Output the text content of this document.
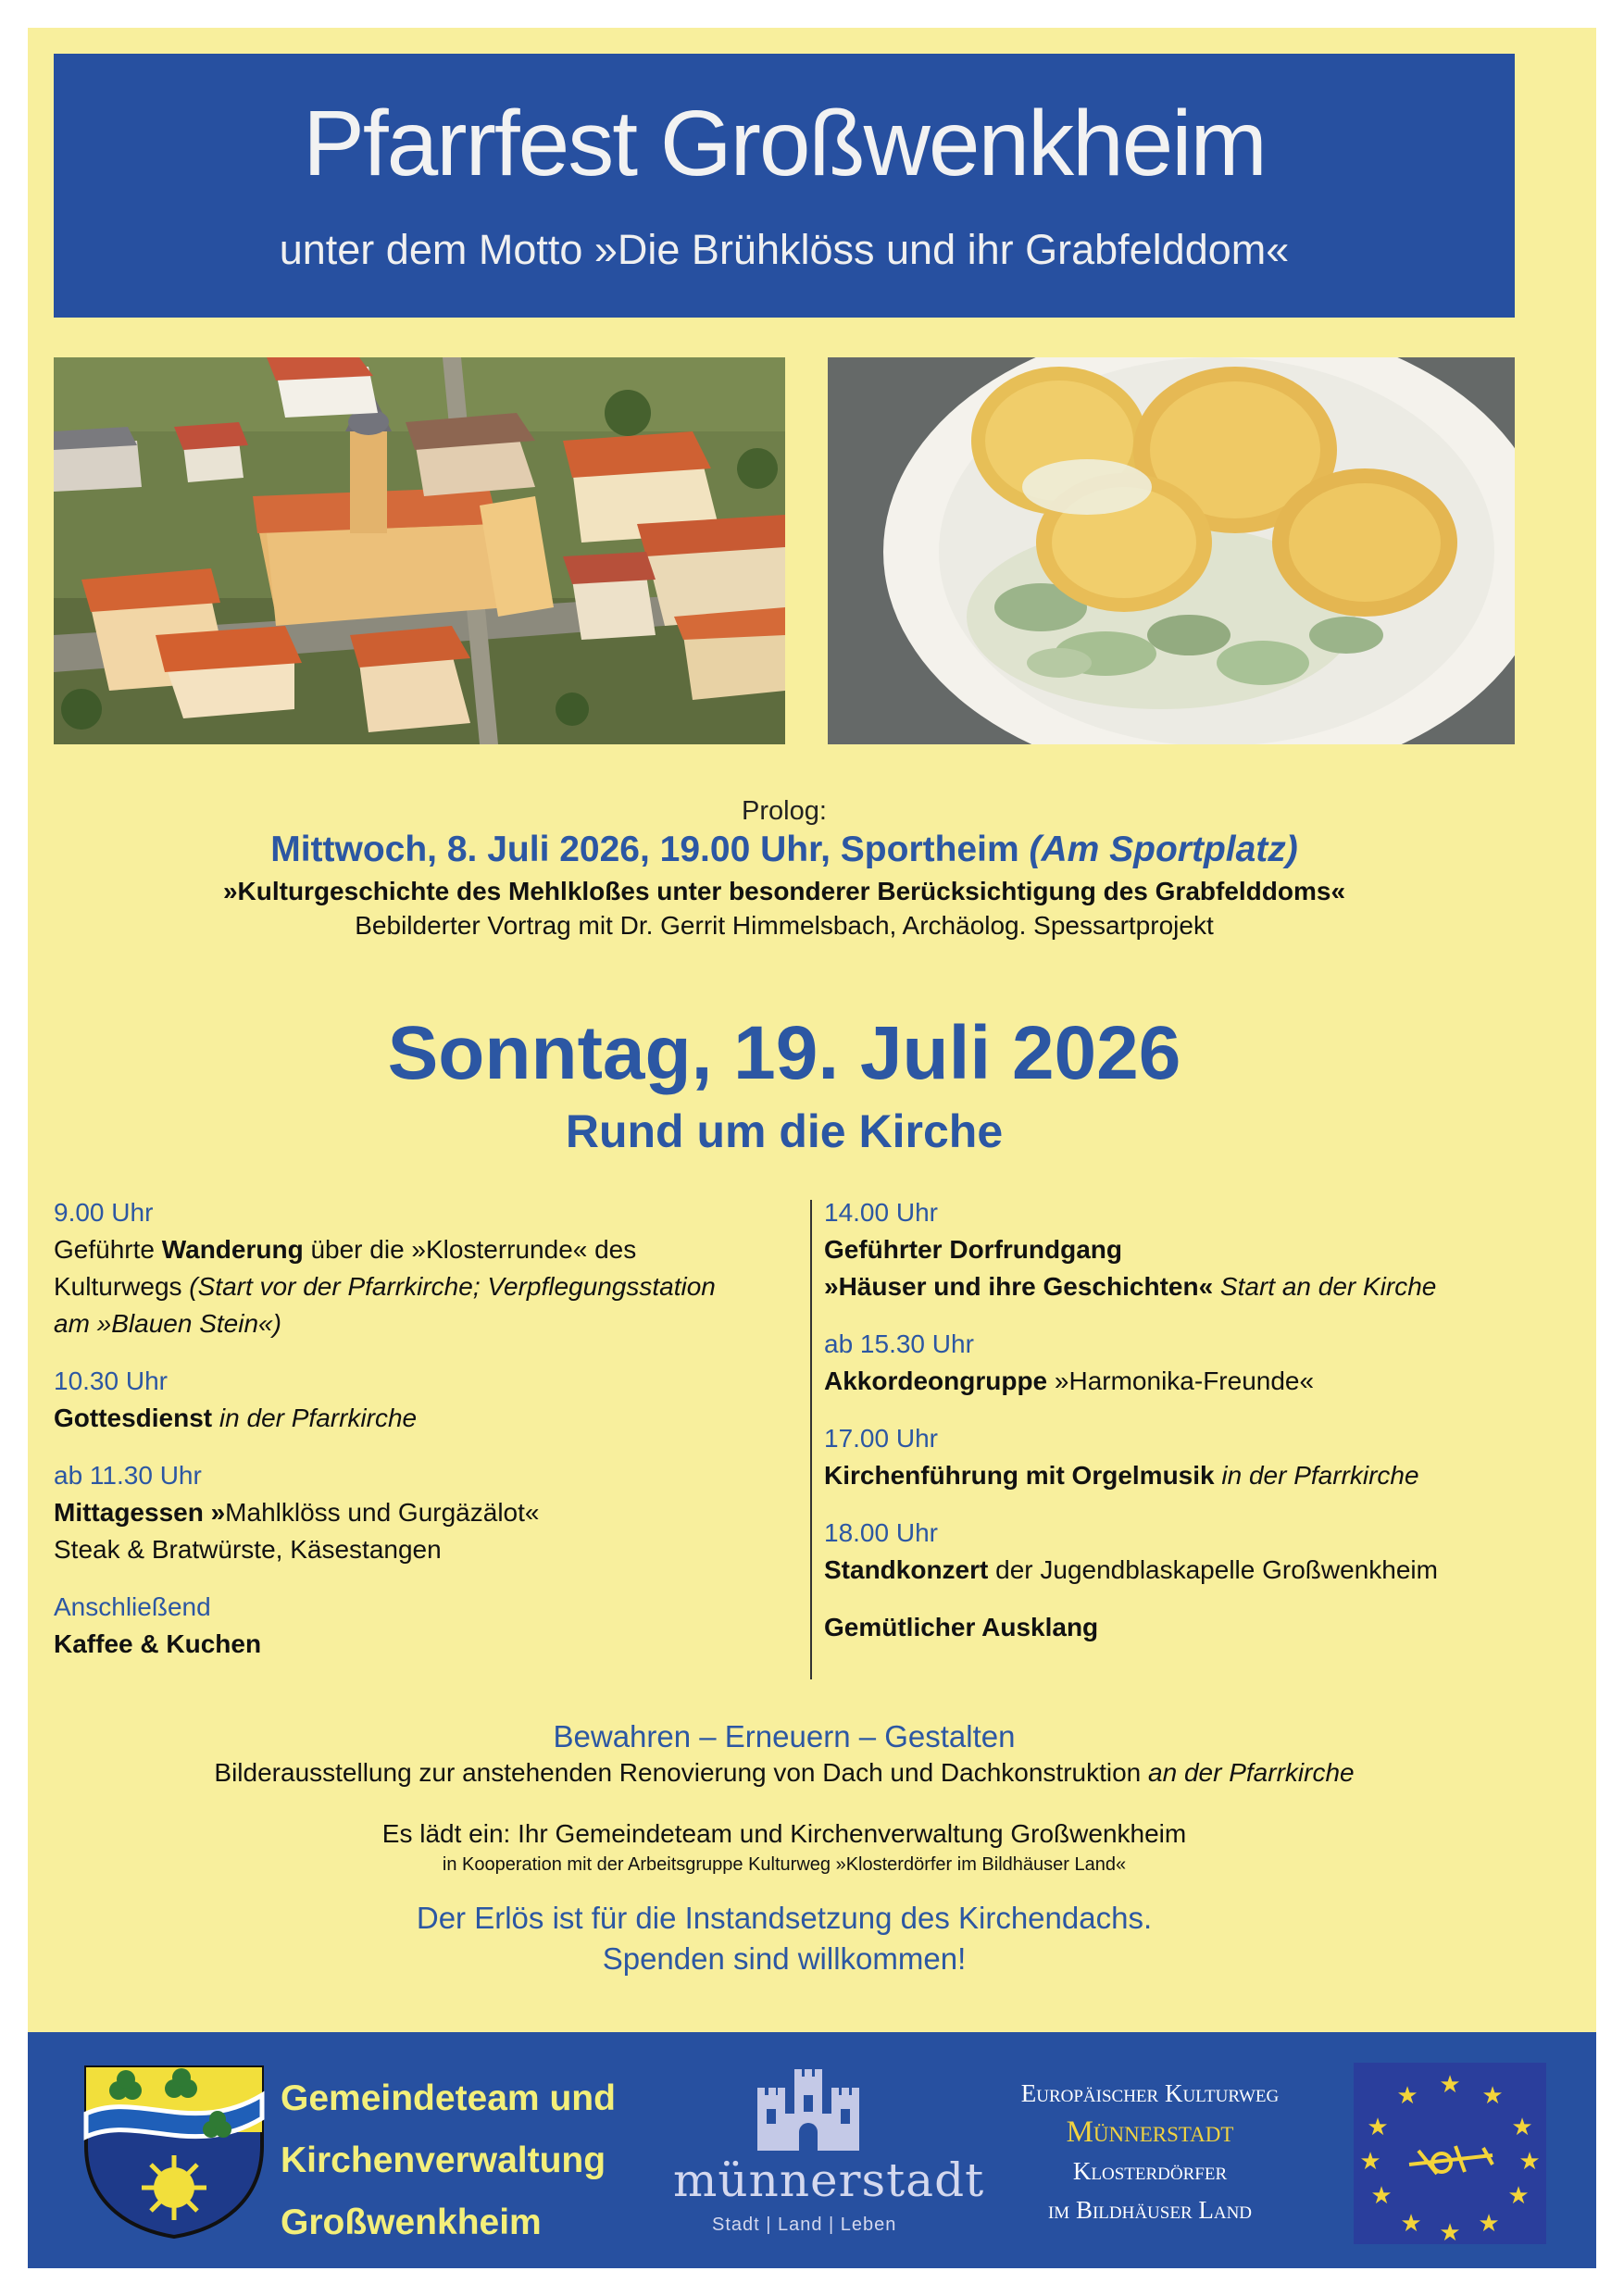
Pfarrfest Großwenkheim
unter dem Motto »Die Brühklöss und ihr Grabfelddom«
Prolog:
Mittwoch, 8. Juli 2026, 19.00 Uhr, Sportheim (Am Sportplatz)
»Kulturgeschichte des Mehlkloßes unter besonderer Berücksichtigung des Grabfelddoms«
Bebilderter Vortrag mit Dr. Gerrit Himmelsbach, Archäolog. Spessartprojekt
Sonntag, 19. Juli 2026
Rund um die Kirche
9.00 Uhr
Geführte Wanderung über die »Klosterrunde« des
Kulturwegs (Start vor der Pfarrkirche; Verpflegungsstation
am »Blauen Stein«)
10.30 Uhr
Gottesdienst in der Pfarrkirche
ab 11.30 Uhr
Mittagessen »Mahlklöss und Gurgäzälot«
Steak & Bratwürste, Käsestangen
Anschließend
Kaffee & Kuchen
14.00 Uhr
Geführter Dorfrundgang
»Häuser und ihre Geschichten« Start an der Kirche
ab 15.30 Uhr
Akkordeongruppe »Harmonika-Freunde«
17.00 Uhr
Kirchenführung mit Orgelmusik in der Pfarrkirche
18.00 Uhr
Standkonzert der Jugendblaskapelle Großwenkheim
Gemütlicher Ausklang
Bewahren – Erneuern – Gestalten
Bilderausstellung zur anstehenden Renovierung von Dach und Dachkonstruktion an der Pfarrkirche
Es lädt ein: Ihr Gemeindeteam und Kirchenverwaltung Großwenkheim
in Kooperation mit der Arbeitsgruppe Kulturweg »Klosterdörfer im Bildhäuser Land«
Der Erlös ist für die Instandsetzung des Kirchendachs.
Spenden sind willkommen!
Gemeindeteam und
Kirchenverwaltung
Großwenkheim
münnerstadt
Stadt | Land | Leben
Europäischer Kulturweg
Münnerstadt
Klosterdörfer
im Bildhäuser Land
★ ★
★
★
★
★
★
★
★
★
★
★
